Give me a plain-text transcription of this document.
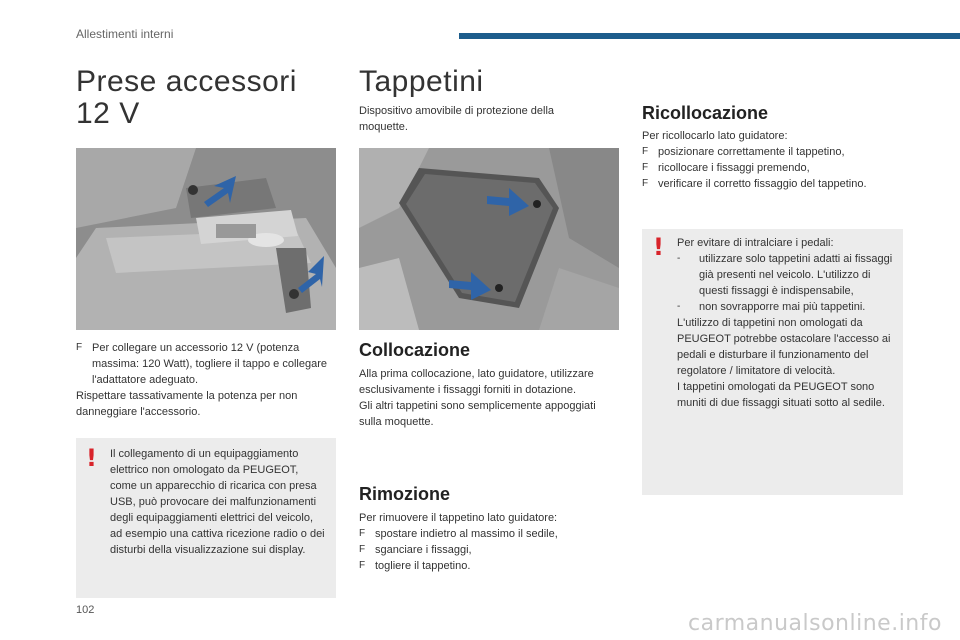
Allestimenti interni
Prese accessori
12 V
F Per collegare un accessorio 12 V (potenza massima: 120 Watt), togliere il tappo e collegare l'adattatore adeguato.

Rispettare tassativamente la potenza per non danneggiare l'accessorio.

! Il collegamento di un equipaggiamento elettrico non omologato da PEUGEOT, come un apparecchio di ricarica con presa USB, può provocare dei malfunzionamenti degli equipaggiamenti elettrici del veicolo, ad esempio una cattiva ricezione radio o dei disturbi della visualizzazione sui display.
Tappetini
Dispositivo amovibile di protezione della moquette.
Collocazione

Alla prima collocazione, lato guidatore, utilizzare esclusivamente i fissaggi forniti in dotazione.

Gli altri tappetini sono semplicemente appoggiati sulla moquette.

Rimozione

Per rimuovere il tappetino lato guidatore:

F spostare indietro al massimo il sedile,
F sganciare i fissaggi,
F togliere il tappetino.
Ricollocazione

Per ricollocarlo lato guidatore:

F posizionare correttamente il tappetino,
F ricollocare i fissaggi premendo,
F verificare il corretto fissaggio del tappetino.
! Per evitare di intralciare i pedali:

-	utilizzare solo tappetini adatti ai fissaggi già presenti nel veicolo. L'utilizzo di questi fissaggi è indispensabile,
-	non sovrapporre mai più tappetini.

L'utilizzo di tappetini non omologati da PEUGEOT potrebbe ostacolare l'accesso ai pedali e disturbare il funzionamento del regolatore / limitatore di velocità.

I tappetini omologati da PEUGEOT sono muniti di due fissaggi situati sotto al sedile.

102
carmanualsonline.info
